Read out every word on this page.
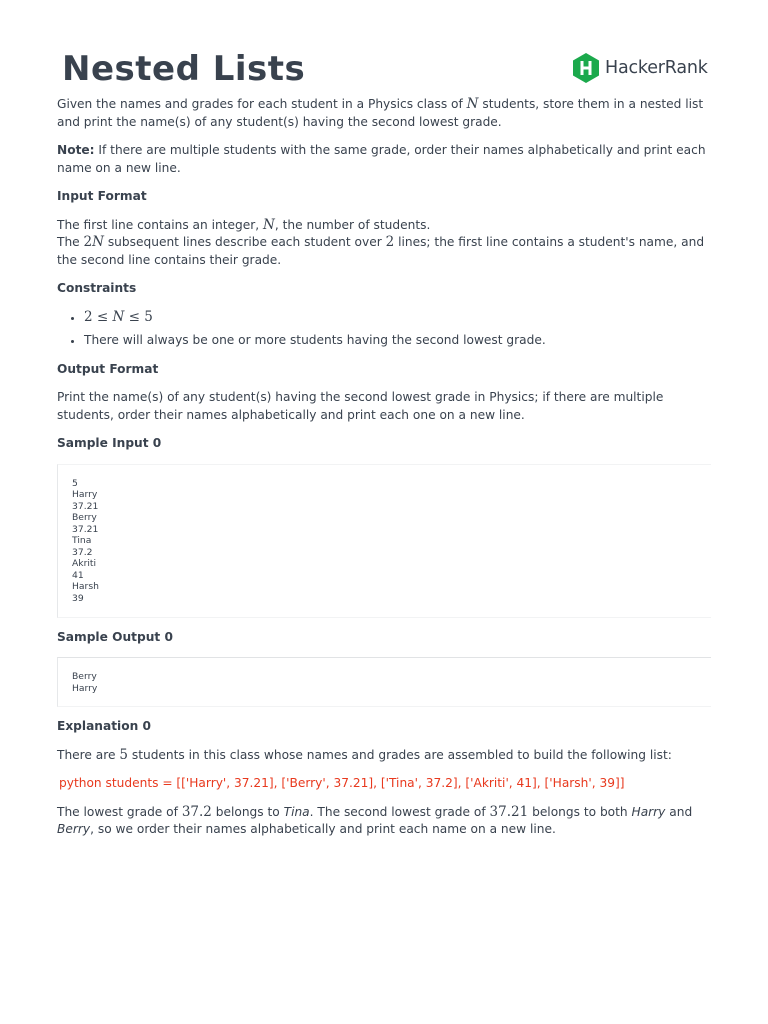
Nested Lists	HackerRank

Given the names and grades for each student in a Physics class of N students, store them in a nested list and print the name(s) of any student(s) having the second lowest grade.

Note: If there are multiple students with the same grade, order their names alphabetically and print each name on a new line.

Input Format

The first line contains an integer, N, the number of students.
The 2N subsequent lines describe each student over 2 lines; the first line contains a student's name, and the second line contains their grade.

Constraints
• 2 ≤ N ≤ 5
• There will always be one or more students having the second lowest grade.
Output Format

Print the name(s) of any student(s) having the second lowest grade in Physics; if there are multiple students, order their names alphabetically and print each one on a new line.

Sample Input 0
5
Harry
37.21
Berry
37.21
Tina
37.2
Akriti
41
Harsh
39
Sample Output 0
Berry
Harry
Explanation 0

There are 5 students in this class whose names and grades are assembled to build the following list:

python students = [['Harry', 37.21], ['Berry', 37.21], ['Tina', 37.2], ['Akriti', 41], ['Harsh', 39]]

The lowest grade of 37.2 belongs to Tina. The second lowest grade of 37.21 belongs to both Harry and Berry, so we order their names alphabetically and print each name on a new line.
